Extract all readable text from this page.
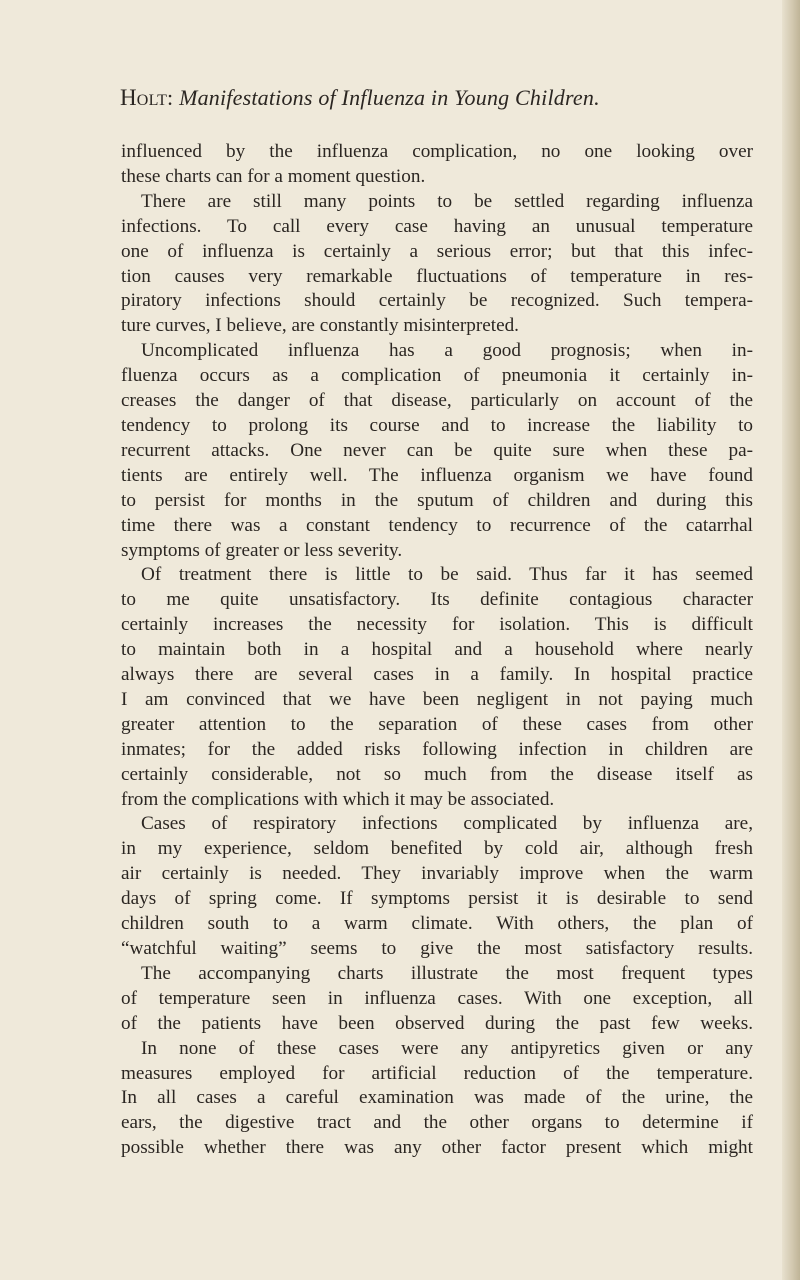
Holt: Manifestations of Influenza in Young Children.
influenced by the influenza complication, no one looking over
these charts can for a moment question.
There are still many points to be settled regarding influenza
infections. To call every case having an unusual temperature
one of influenza is certainly a serious error; but that this infec-
tion causes very remarkable fluctuations of temperature in res-
piratory infections should certainly be recognized. Such tempera-
ture curves, I believe, are constantly misinterpreted.
Uncomplicated influenza has a good prognosis; when in-
fluenza occurs as a complication of pneumonia it certainly in-
creases the danger of that disease, particularly on account of the
tendency to prolong its course and to increase the liability to
recurrent attacks. One never can be quite sure when these pa-
tients are entirely well. The influenza organism we have found
to persist for months in the sputum of children and during this
time there was a constant tendency to recurrence of the catarrhal
symptoms of greater or less severity.
Of treatment there is little to be said. Thus far it has seemed
to me quite unsatisfactory. Its definite contagious character
certainly increases the necessity for isolation. This is difficult
to maintain both in a hospital and a household where nearly
always there are several cases in a family. In hospital practice
I am convinced that we have been negligent in not paying much
greater attention to the separation of these cases from other
inmates; for the added risks following infection in children are
certainly considerable, not so much from the disease itself as
from the complications with which it may be associated.
Cases of respiratory infections complicated by influenza are,
in my experience, seldom benefited by cold air, although fresh
air certainly is needed. They invariably improve when the warm
days of spring come. If symptoms persist it is desirable to send
children south to a warm climate. With others, the plan of
“watchful waiting” seems to give the most satisfactory results.
The accompanying charts illustrate the most frequent types
of temperature seen in influenza cases. With one exception, all
of the patients have been observed during the past few weeks.
In none of these cases were any antipyretics given or any
measures employed for artificial reduction of the temperature.
In all cases a careful examination was made of the urine, the
ears, the digestive tract and the other organs to determine if
possible whether there was any other factor present which might
